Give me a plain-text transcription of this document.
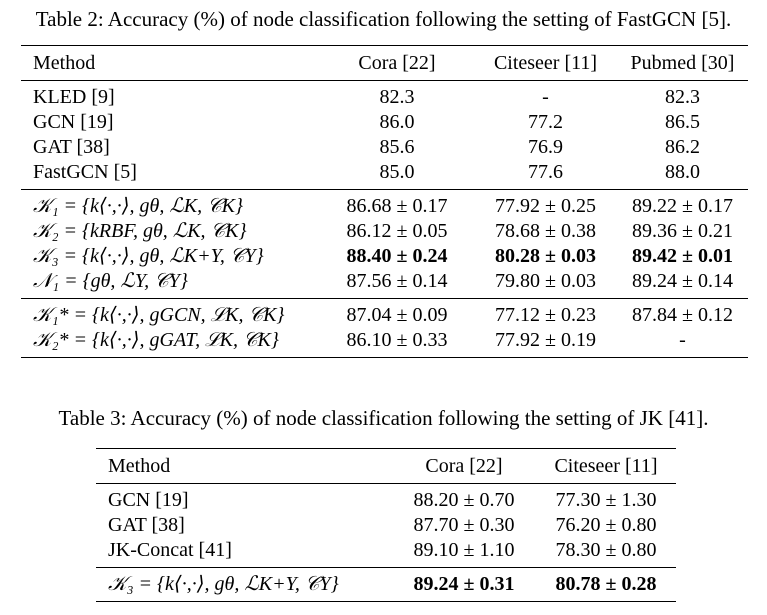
Table 2: Accuracy (%) of node classification following the setting of FastGCN [5].
Method	Cora [22]	Citeseer [11]	Pubmed [30]
KLED [9]	82.3	-	82.3
GCN [19]	86.0	77.2	86.5
GAT [38]	85.6	76.9	86.2
FastGCN [5]	85.0	77.6	88.0
𝒦₁ = {k⟨·,·⟩, gθ, ℒK, 𝒞K}	86.68 ± 0.17	77.92 ± 0.25	89.22 ± 0.17
𝒦₂ = {kRBF, gθ, ℒK, 𝒞K}	86.12 ± 0.05	78.68 ± 0.38	89.36 ± 0.21
𝒦₃ = {k⟨·,·⟩, gθ, ℒK+Y, 𝒞Y}	88.40 ± 0.24	80.28 ± 0.03	89.42 ± 0.01
𝒩₁ = {gθ, ℒY, 𝒞Y}	87.56 ± 0.14	79.80 ± 0.03	89.24 ± 0.14
𝒦₁* = {k⟨·,·⟩, gGCN, ℒK, 𝒞K}	87.04 ± 0.09	77.12 ± 0.23	87.84 ± 0.12
𝒦₂* = {k⟨·,·⟩, gGAT, ℒK, 𝒞K}	86.10 ± 0.33	77.92 ± 0.19	-
Table 3: Accuracy (%) of node classification following the setting of JK [41].
Method	Cora [22]	Citeseer [11]
GCN [19]	88.20 ± 0.70	77.30 ± 1.30
GAT [38]	87.70 ± 0.30	76.20 ± 0.80
JK-Concat [41]	89.10 ± 1.10	78.30 ± 0.80
𝒦₃ = {k⟨·,·⟩, gθ, ℒK+Y, 𝒞Y}	89.24 ± 0.31	80.78 ± 0.28
